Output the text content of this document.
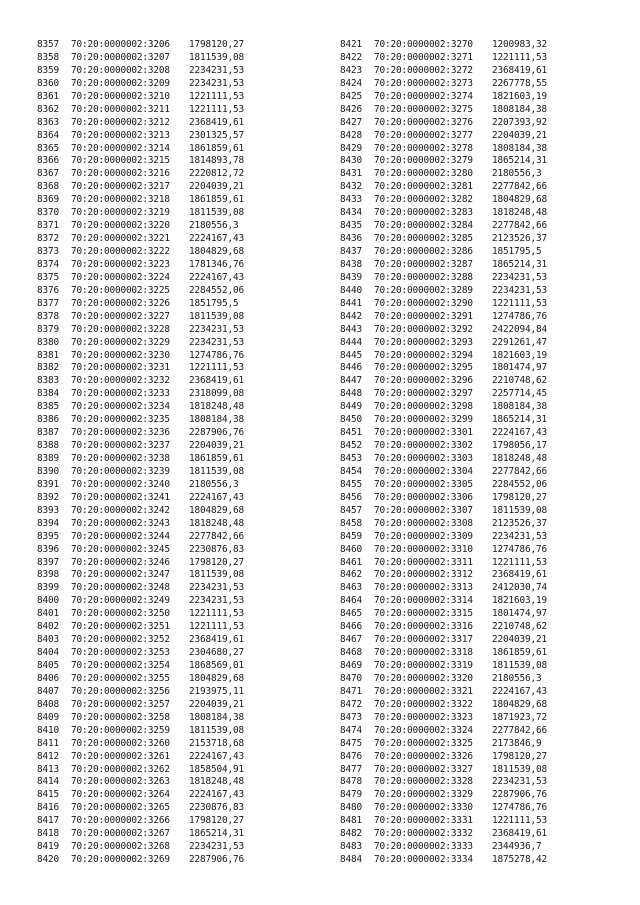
8357 70:20:0000002:3206 1798120,27
8358 70:20:0000002:3207 1811539,08
8359 70:20:0000002:3208 2234231,53
8360 70:20:0000002:3209 2234231,53
8361 70:20:0000002:3210 1221111,53
8362 70:20:0000002:3211 1221111,53
8363 70:20:0000002:3212 2368419,61
8364 70:20:0000002:3213 2301325,57
8365 70:20:0000002:3214 1861859,61
8366 70:20:0000002:3215 1814893,78
8367 70:20:0000002:3216 2220812,72
8368 70:20:0000002:3217 2204039,21
8369 70:20:0000002:3218 1861859,61
8370 70:20:0000002:3219 1811539,08
8371 70:20:0000002:3220 2180556,3
8372 70:20:0000002:3221 2224167,43
8373 70:20:0000002:3222 1804829,68
8374 70:20:0000002:3223 1781346,76
8375 70:20:0000002:3224 2224167,43
8376 70:20:0000002:3225 2284552,06
8377 70:20:0000002:3226 1851795,5
8378 70:20:0000002:3227 1811539,08
8379 70:20:0000002:3228 2234231,53
8380 70:20:0000002:3229 2234231,53
8381 70:20:0000002:3230 1274786,76
8382 70:20:0000002:3231 1221111,53
8383 70:20:0000002:3232 2368419,61
8384 70:20:0000002:3233 2318099,08
8385 70:20:0000002:3234 1818248,48
8386 70:20:0000002:3235 1808184,38
8387 70:20:0000002:3236 2287906,76
8388 70:20:0000002:3237 2204039,21
8389 70:20:0000002:3238 1861859,61
8390 70:20:0000002:3239 1811539,08
8391 70:20:0000002:3240 2180556,3
8392 70:20:0000002:3241 2224167,43
8393 70:20:0000002:3242 1804829,68
8394 70:20:0000002:3243 1818248,48
8395 70:20:0000002:3244 2277842,66
8396 70:20:0000002:3245 2230876,83
8397 70:20:0000002:3246 1798120,27
8398 70:20:0000002:3247 1811539,08
8399 70:20:0000002:3248 2234231,53
8400 70:20:0000002:3249 2234231,53
8401 70:20:0000002:3250 1221111,53
8402 70:20:0000002:3251 1221111,53
8403 70:20:0000002:3252 2368419,61
8404 70:20:0000002:3253 2304680,27
8405 70:20:0000002:3254 1868569,01
8406 70:20:0000002:3255 1804829,68
8407 70:20:0000002:3256 2193975,11
8408 70:20:0000002:3257 2204039,21
8409 70:20:0000002:3258 1808184,38
8410 70:20:0000002:3259 1811539,08
8411 70:20:0000002:3260 2153718,68
8412 70:20:0000002:3261 2224167,43
8413 70:20:0000002:3262 1858504,91
8414 70:20:0000002:3263 1818248,48
8415 70:20:0000002:3264 2224167,43
8416 70:20:0000002:3265 2230876,83
8417 70:20:0000002:3266 1798120,27
8418 70:20:0000002:3267 1865214,31
8419 70:20:0000002:3268 2234231,53
8420 70:20:0000002:3269 2287906,76
8421 70:20:0000002:3270 1200983,32
8422 70:20:0000002:3271 1221111,53
8423 70:20:0000002:3272 2368419,61
8424 70:20:0000002:3273 2267778,55
8425 70:20:0000002:3274 1821603,19
8426 70:20:0000002:3275 1808184,38
8427 70:20:0000002:3276 2207393,92
8428 70:20:0000002:3277 2204039,21
8429 70:20:0000002:3278 1808184,38
8430 70:20:0000002:3279 1865214,31
8431 70:20:0000002:3280 2180556,3
8432 70:20:0000002:3281 2277842,66
8433 70:20:0000002:3282 1804829,68
8434 70:20:0000002:3283 1818248,48
8435 70:20:0000002:3284 2277842,66
8436 70:20:0000002:3285 2123526,37
8437 70:20:0000002:3286 1851795,5
8438 70:20:0000002:3287 1865214,31
8439 70:20:0000002:3288 2234231,53
8440 70:20:0000002:3289 2234231,53
8441 70:20:0000002:3290 1221111,53
8442 70:20:0000002:3291 1274786,76
8443 70:20:0000002:3292 2422094,84
8444 70:20:0000002:3293 2291261,47
8445 70:20:0000002:3294 1821603,19
8446 70:20:0000002:3295 1801474,97
8447 70:20:0000002:3296 2210748,62
8448 70:20:0000002:3297 2257714,45
8449 70:20:0000002:3298 1808184,38
8450 70:20:0000002:3299 1865214,31
8451 70:20:0000002:3301 2224167,43
8452 70:20:0000002:3302 1798056,17
8453 70:20:0000002:3303 1818248,48
8454 70:20:0000002:3304 2277842,66
8455 70:20:0000002:3305 2284552,06
8456 70:20:0000002:3306 1798120,27
8457 70:20:0000002:3307 1811539,08
8458 70:20:0000002:3308 2123526,37
8459 70:20:0000002:3309 2234231,53
8460 70:20:0000002:3310 1274786,76
8461 70:20:0000002:3311 1221111,53
8462 70:20:0000002:3312 2368419,61
8463 70:20:0000002:3313 2412030,74
8464 70:20:0000002:3314 1821603,19
8465 70:20:0000002:3315 1801474,97
8466 70:20:0000002:3316 2210748,62
8467 70:20:0000002:3317 2204039,21
8468 70:20:0000002:3318 1861859,61
8469 70:20:0000002:3319 1811539,08
8470 70:20:0000002:3320 2180556,3
8471 70:20:0000002:3321 2224167,43
8472 70:20:0000002:3322 1804829,68
8473 70:20:0000002:3323 1871923,72
8474 70:20:0000002:3324 2277842,66
8475 70:20:0000002:3325 2173846,9
8476 70:20:0000002:3326 1798120,27
8477 70:20:0000002:3327 1811539,08
8478 70:20:0000002:3328 2234231,53
8479 70:20:0000002:3329 2287906,76
8480 70:20:0000002:3330 1274786,76
8481 70:20:0000002:3331 1221111,53
8482 70:20:0000002:3332 2368419,61
8483 70:20:0000002:3333 2344936,7
8484 70:20:0000002:3334 1875278,42
